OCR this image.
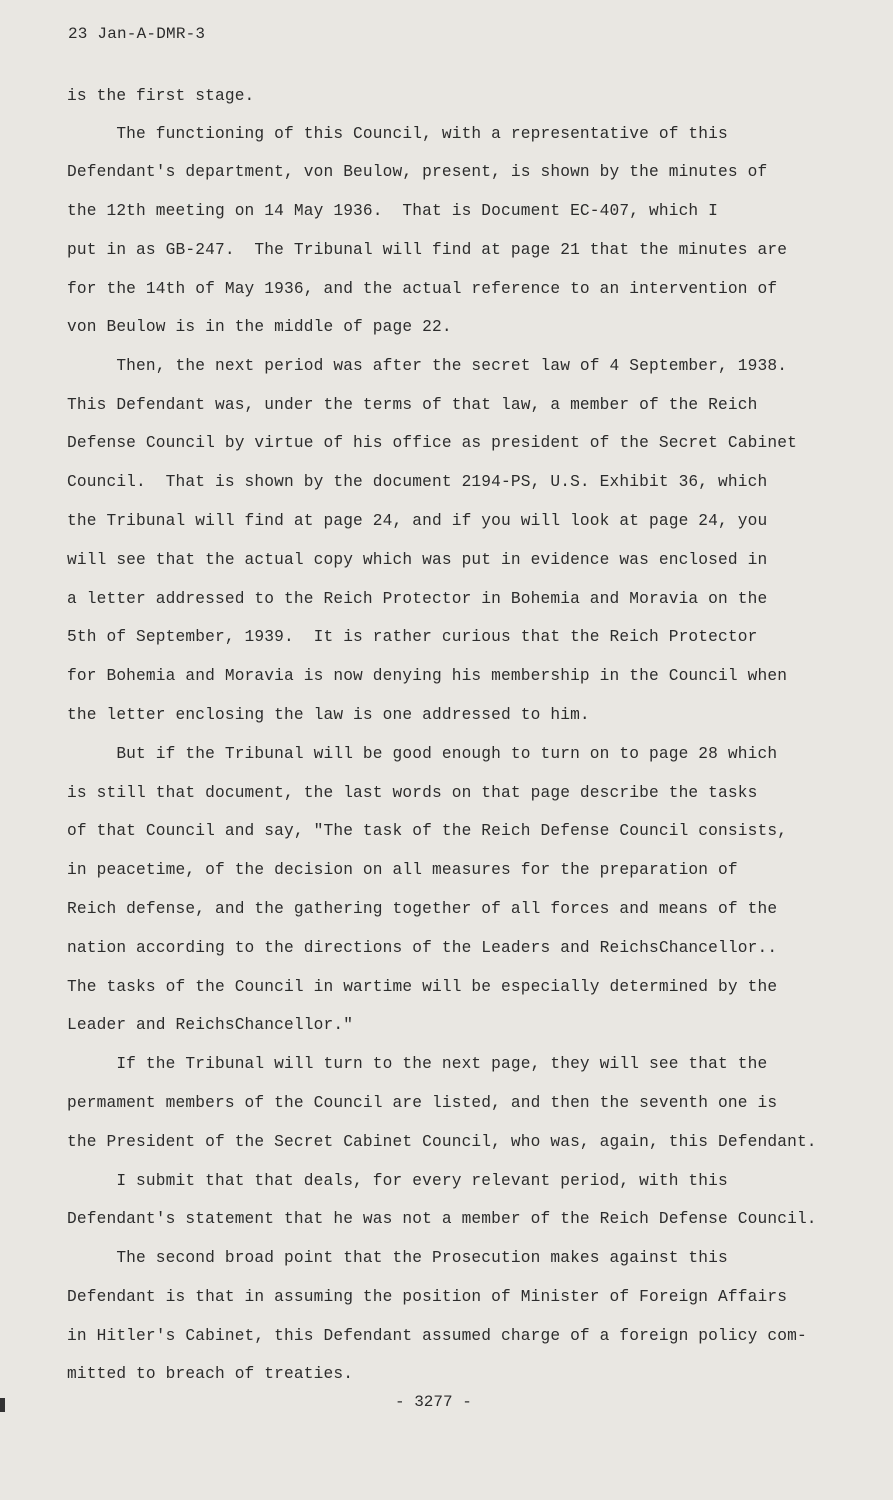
23 Jan-A-DMR-3
is the first stage.
The functioning of this Council, with a representative of this
Defendant's department, von Beulow, present, is shown by the minutes of
the 12th meeting on 14 May 1936.  That is Document EC-407, which I
put in as GB-247.  The Tribunal will find at page 21 that the minutes are
for the 14th of May 1936, and the actual reference to an intervention of
von Beulow is in the middle of page 22.
Then, the next period was after the secret law of 4 September, 1938.
This Defendant was, under the terms of that law, a member of the Reich
Defense Council by virtue of his office as president of the Secret Cabinet
Council.  That is shown by the document 2194-PS, U.S. Exhibit 36, which
the Tribunal will find at page 24, and if you will look at page 24, you
will see that the actual copy which was put in evidence was enclosed in
a letter addressed to the Reich Protector in Bohemia and Moravia on the
5th of September, 1939.  It is rather curious that the Reich Protector
for Bohemia and Moravia is now denying his membership in the Council when
the letter enclosing the law is one addressed to him.
But if the Tribunal will be good enough to turn on to page 28 which
is still that document, the last words on that page describe the tasks
of that Council and say, "The task of the Reich Defense Council consists,
in peacetime, of the decision on all measures for the preparation of
Reich defense, and the gathering together of all forces and means of the
nation according to the directions of the Leaders and ReichsChancellor..
The tasks of the Council in wartime will be especially determined by the
Leader and ReichsChancellor."
If the Tribunal will turn to the next page, they will see that the
permament members of the Council are listed, and then the seventh one is
the President of the Secret Cabinet Council, who was, again, this Defendant.
I submit that that deals, for every relevant period, with this
Defendant's statement that he was not a member of the Reich Defense Council.
The second broad point that the Prosecution makes against this
Defendant is that in assuming the position of Minister of Foreign Affairs
in Hitler's Cabinet, this Defendant assumed charge of a foreign policy com-
mitted to breach of treaties.
- 3277 -
